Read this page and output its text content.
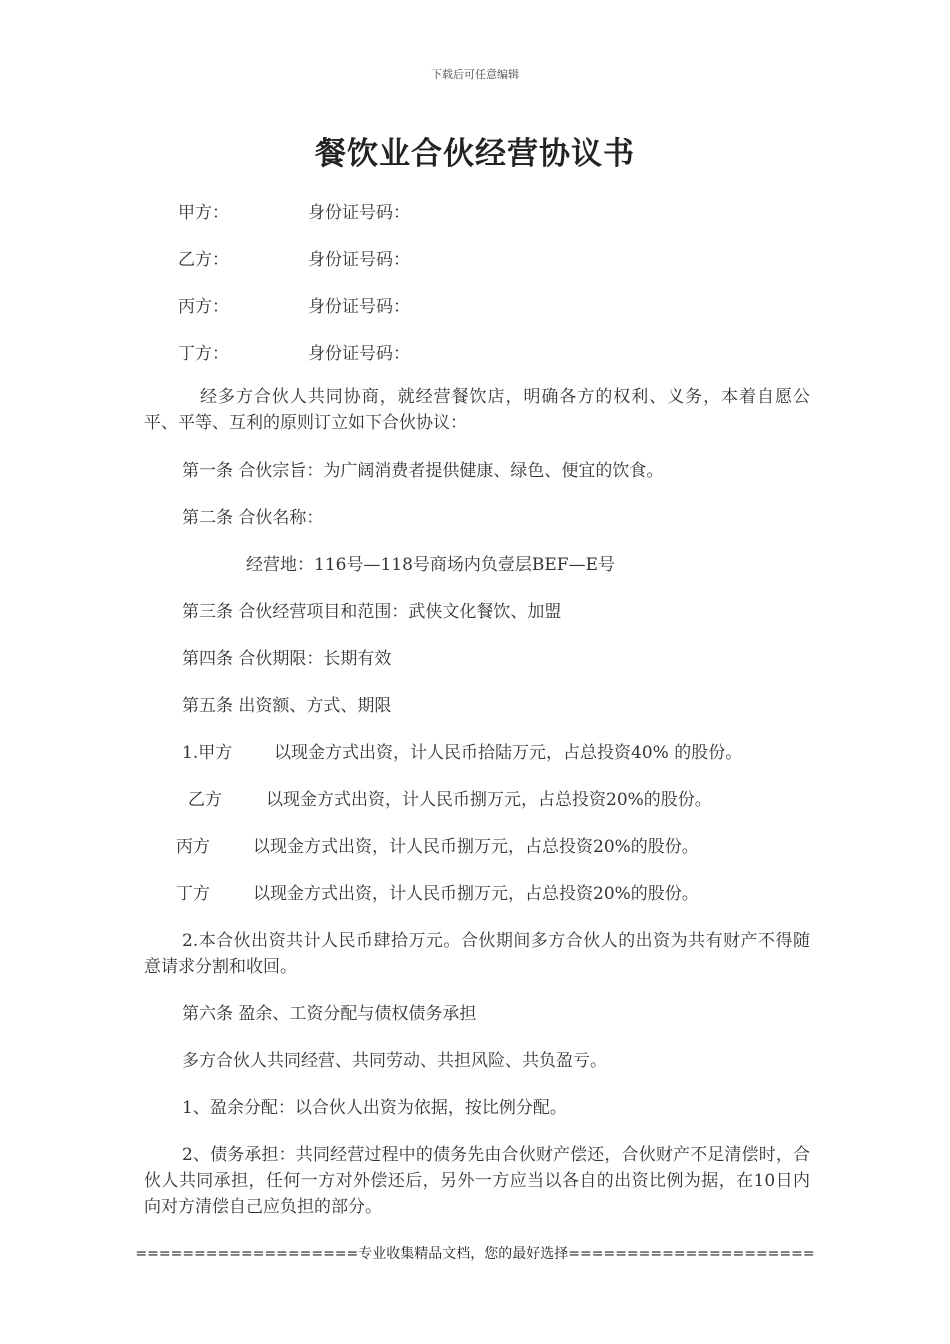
下载后可任意编辑
餐饮业合伙经营协议书
甲方：	身份证号码：
乙方：	身份证号码：
丙方：	身份证号码：
丁方：	身份证号码：
经多方合伙人共同协商，就经营餐饮店，明确各方的权利、义务，本着自愿公平、平等、互利的原则订立如下合伙协议：
第一条 合伙宗旨：为广阔消费者提供健康、绿色、便宜的饮食。
第二条 合伙名称：
经营地：116号—118号商场内负壹层BEF—E号
第三条 合伙经营项目和范围：武侠文化餐饮、加盟
第四条 合伙期限：长期有效
第五条 出资额、方式、期限
1.甲方 以现金方式出资，计人民币拾陆万元，占总投资40% 的股份。
乙方	以现金方式出资，计人民币捌万元，占总投资20%的股份。
丙方	以现金方式出资，计人民币捌万元，占总投资20%的股份。
丁方	以现金方式出资，计人民币捌万元，占总投资20%的股份。
2.本合伙出资共计人民币肆拾万元。合伙期间多方合伙人的出资为共有财产不得随意请求分割和收回。
第六条 盈余、工资分配与债权债务承担
多方合伙人共同经营、共同劳动、共担风险、共负盈亏。
1、盈余分配：以合伙人出资为依据，按比例分配。
2、债务承担：共同经营过程中的债务先由合伙财产偿还，合伙财产不足清偿时，合伙人共同承担，任何一方对外偿还后，另外一方应当以各自的出资比例为据，在10日内向对方清偿自己应负担的部分。
===================专业收集精品文档，您的最好选择=====================
